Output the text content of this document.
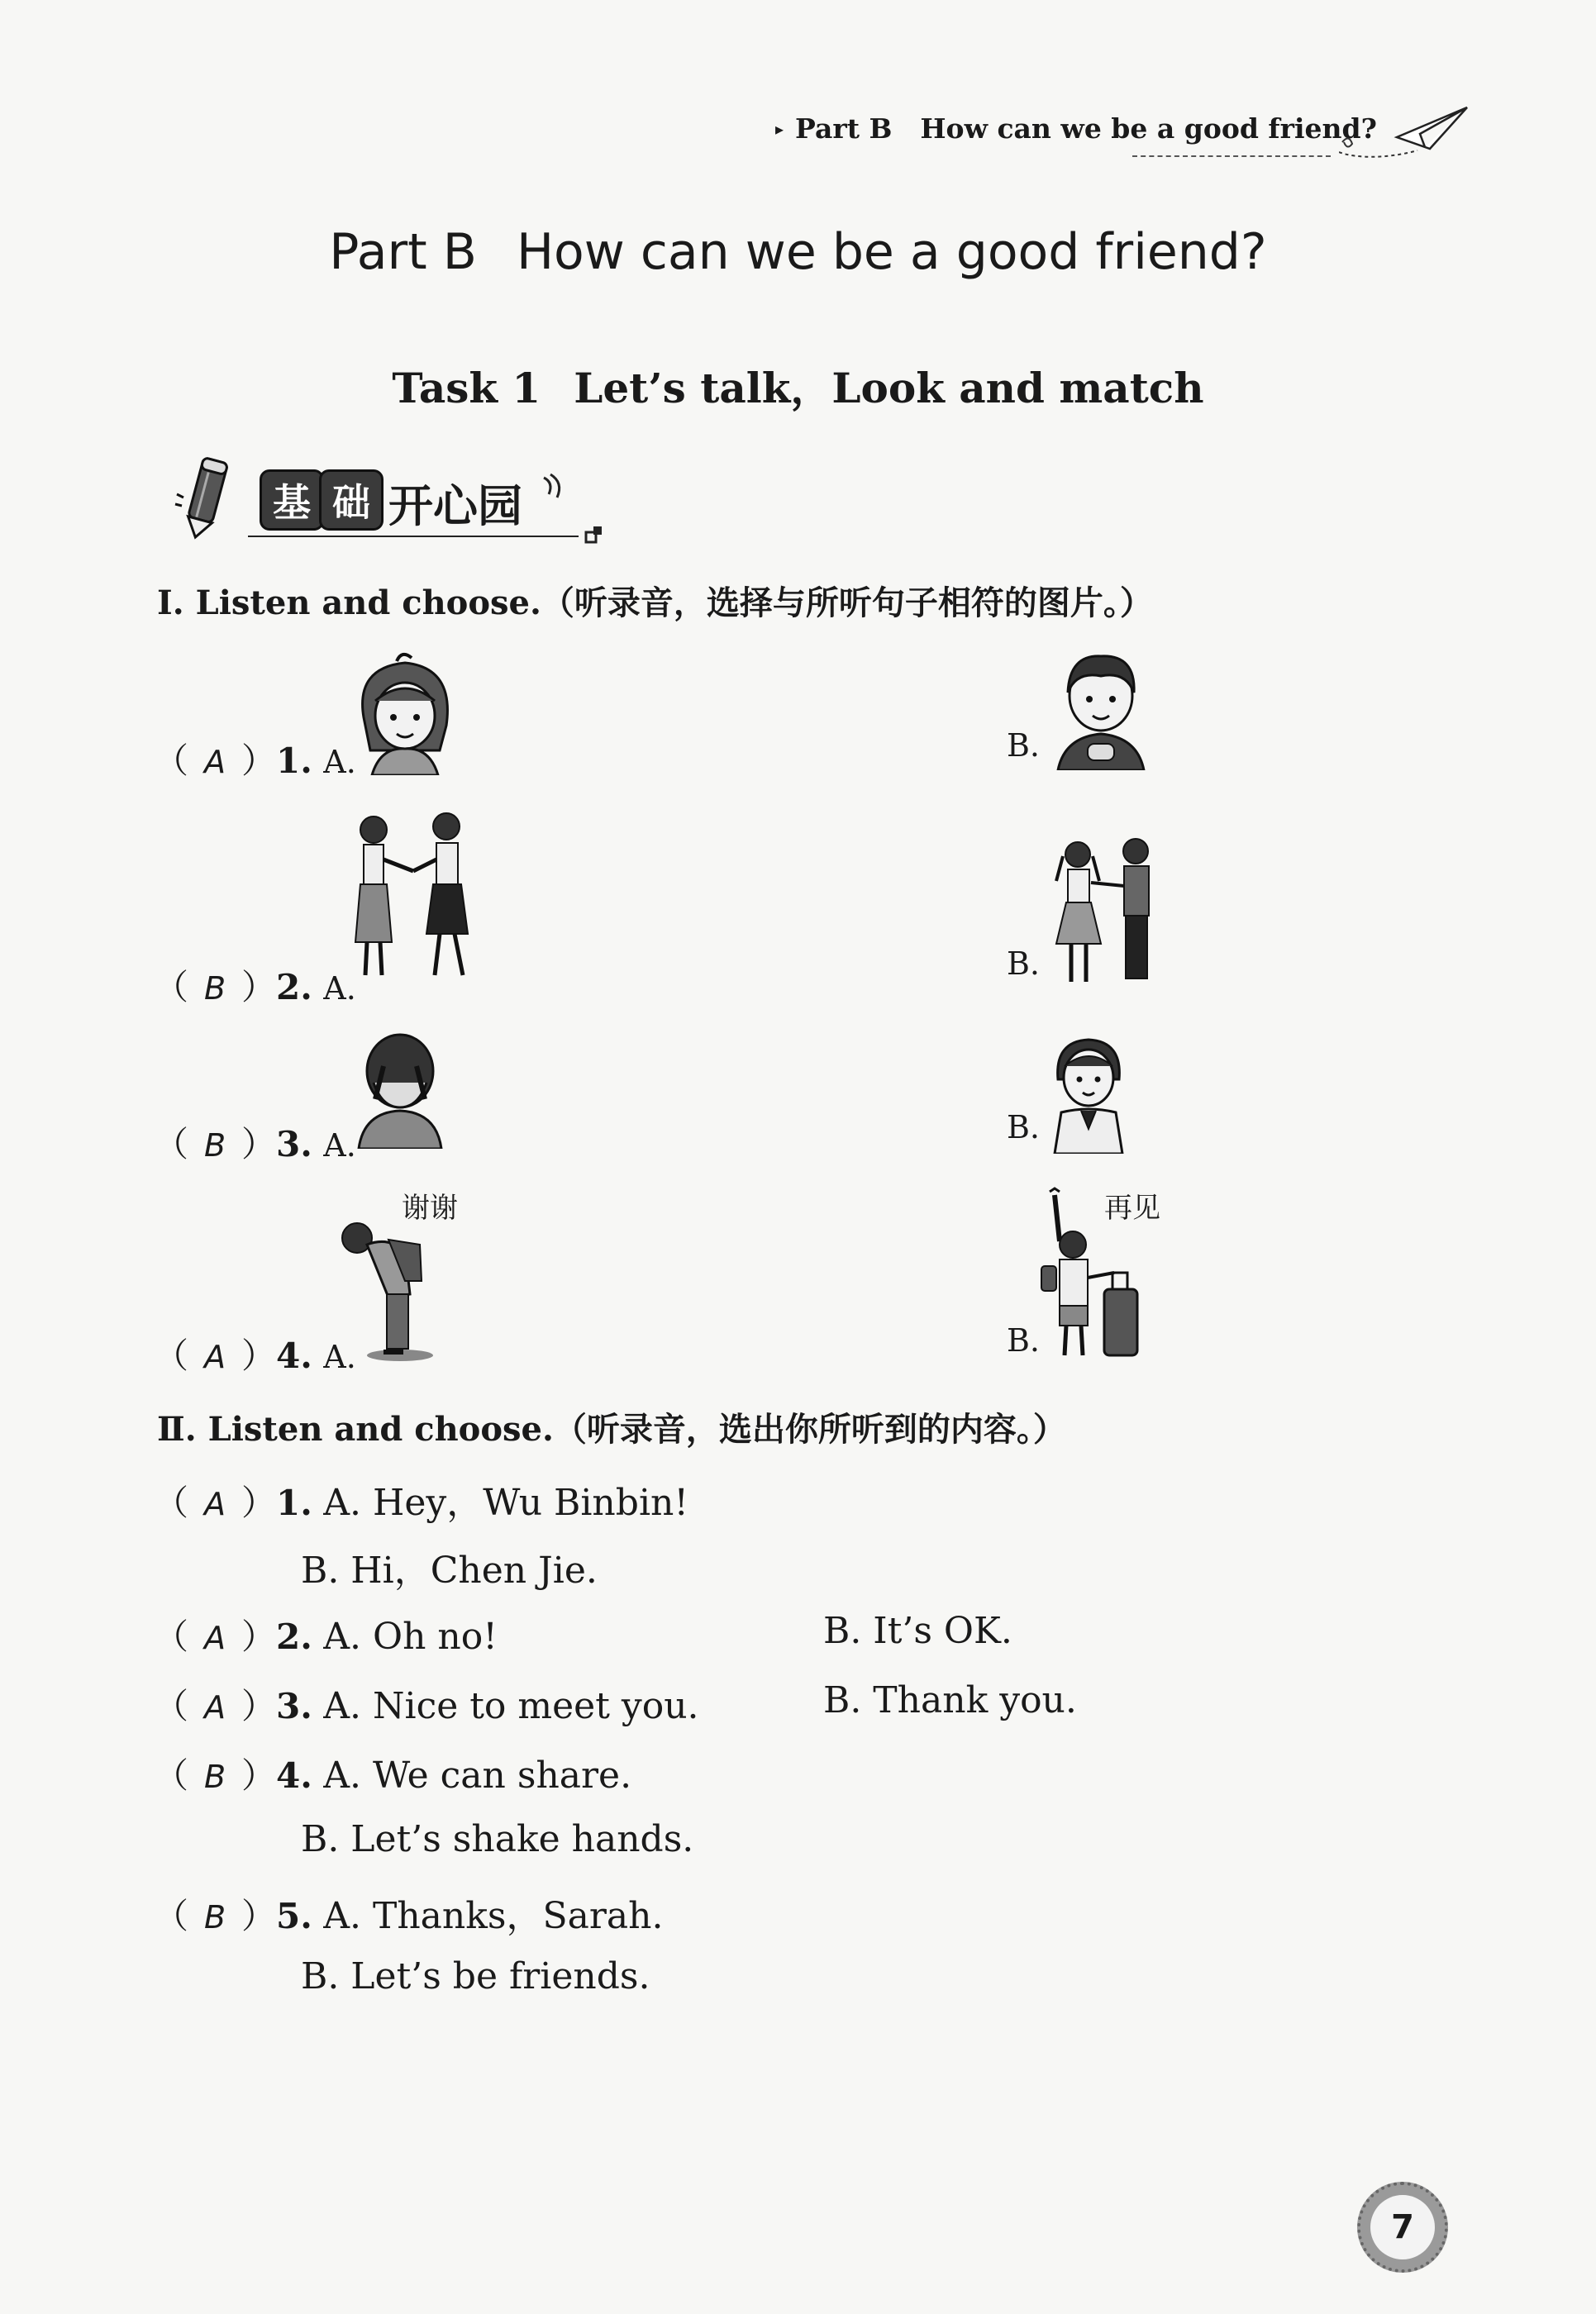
▸ Part B How can we be a good friend?
Part B How can we be a good friend?
Task 1 Let’s talk，Look and match
基 础 开心园
Ⅰ. Listen and choose.（听录音，选择与所听句子相符的图片。）
（ A ）1. A.	B.
（ B ）2. A.
B.
（ B ）3. A.	B.
谢谢
（ A ）4. A.	B.
再见
Ⅱ. Listen and choose.（听录音，选出你所听到的内容。）
（ A ）1. A. Hey，Wu Binbin!
B. Hi，Chen Jie.
（ A ）2. A. Oh no!	B. It’s OK.
（ A ）3. A. Nice to meet you.	B. Thank you.
（ B ）4. A. We can share.
B. Let’s shake hands.
（ B ）5. A. Thanks，Sarah.
B. Let’s be friends.
7
